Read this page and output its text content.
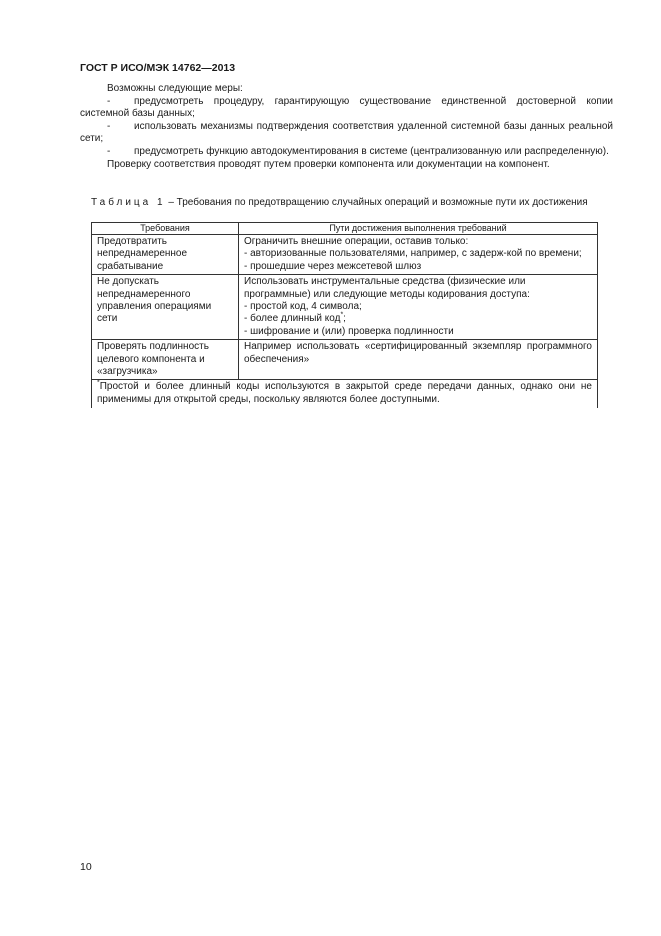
ГОСТ Р ИСО/МЭК 14762—2013

Возможны следующие меры:

- предусмотреть процедуру, гарантирующую существование единственной достоверной копии системной базы данных;

- использовать механизмы подтверждения соответствия удаленной системной базы данных реальной сети;

- предусмотреть функцию автодокументирования в системе (централизованную или распределенную).

Проверку соответствия проводят путем проверки компонента или документации на компонент.

Таблица 1 – Требования по предотвращению случайных операций и возможные пути их достижения
Требования	Пути достижения выполнения требований
Предотвратить непреднамеренное срабатывание	Ограничить внешние операции, оставив только:
- авторизованные пользователями, например, с задерж-кой по времени;
- прошедшие через межсетевой шлюз

Не допускать непреднамеренного управления операциями сети	Использовать инструментальные средства (физические или программные) или следующие методы кодирования доступа:
- простой код, 4 символа;
- более длинный код*;
- шифрование и (или) проверка подлинности

Проверять подлинность целевого компонента и «загрузчика»	Например использовать «сертифицированный экземпляр программного обеспечения»
*Простой и более длинный коды используются в закрытой среде передачи данных, однако они не применимы для открытой среды, поскольку являются более доступными.	
10
